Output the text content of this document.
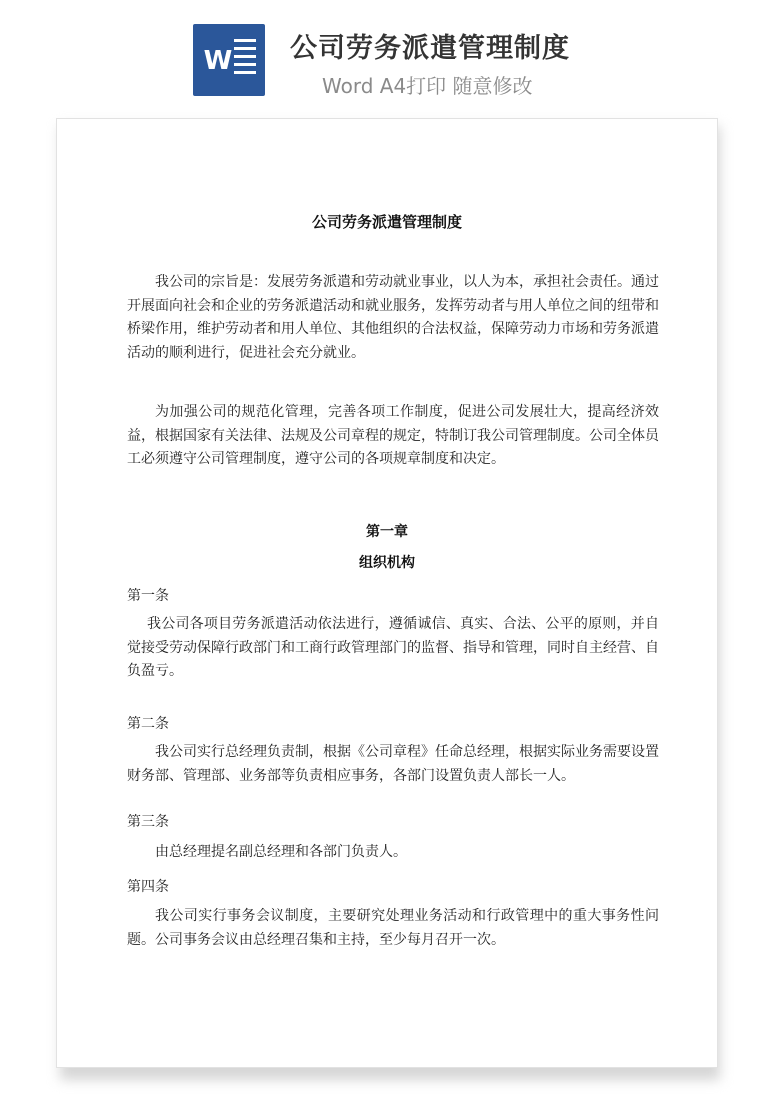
W 公司劳务派遣管理制度
Word A4打印 随意修改
公司劳务派遣管理制度
我公司的宗旨是：发展劳务派遣和劳动就业事业，以人为本，承担社会责任。通过开展面向社会和企业的劳务派遣活动和就业服务，发挥劳动者与用人单位之间的纽带和桥梁作用，维护劳动者和用人单位、其他组织的合法权益，保障劳动力市场和劳务派遣活动的顺利进行，促进社会充分就业。
为加强公司的规范化管理，完善各项工作制度，促进公司发展壮大，提高经济效益，根据国家有关法律、法规及公司章程的规定，特制订我公司管理制度。公司全体员工必须遵守公司管理制度，遵守公司的各项规章制度和决定。
第一章
组织机构
第一条
我公司各项目劳务派遣活动依法进行，遵循诚信、真实、合法、公平的原则，并自觉接受劳动保障行政部门和工商行政管理部门的监督、指导和管理，同时自主经营、自负盈亏。
第二条
我公司实行总经理负责制，根据《公司章程》任命总经理，根据实际业务需要设置财务部、管理部、业务部等负责相应事务，各部门设置负责人部长一人。
第三条
由总经理提名副总经理和各部门负责人。
第四条
我公司实行事务会议制度，主要研究处理业务活动和行政管理中的重大事务性问题。公司事务会议由总经理召集和主持，至少每月召开一次。
